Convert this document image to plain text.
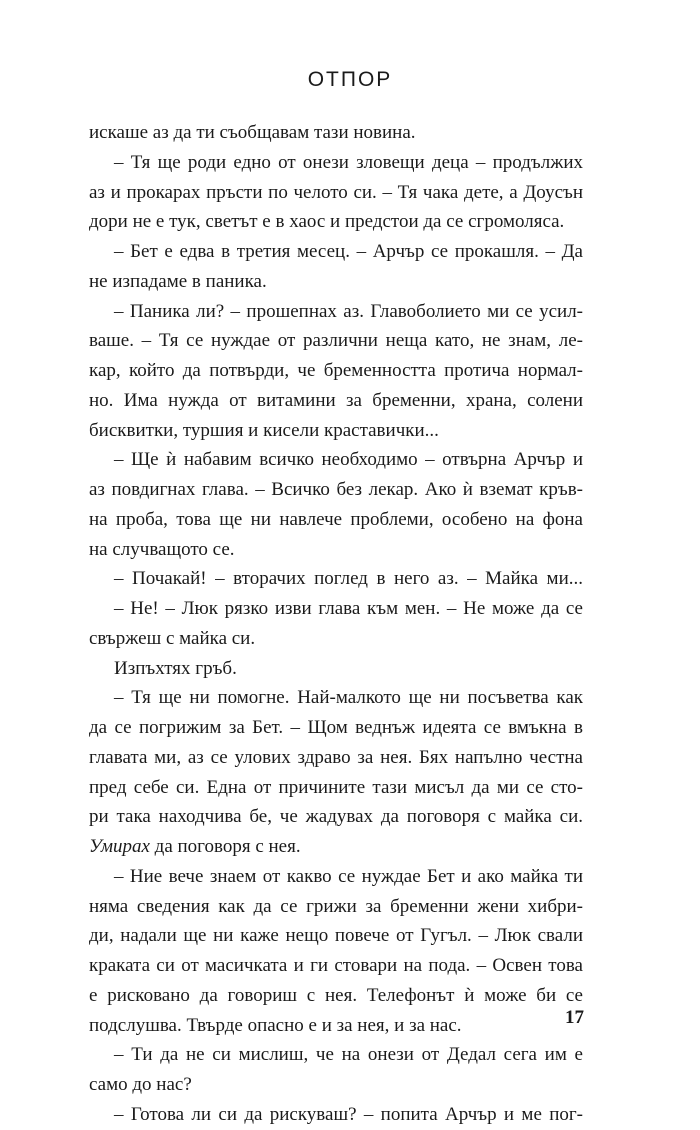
ОТПОР
искаше аз да ти съобщавам тази новина.
– Тя ще роди едно от онези зловещи деца – продължих
аз и прокарах пръсти по челото си. – Тя чака дете, а Доусън
дори не е тук, светът е в хаос и предстои да се сгромоляса.
– Бет е едва в третия месец. – Арчър се прокашля. – Да
не изпадаме в паника.
– Паника ли? – прошепнах аз. Главоболието ми се усил-
ваше. – Тя се нуждае от различни неща като, не знам, ле-
кар, който да потвърди, че бременността протича нормал-
но. Има нужда от витамини за бременни, храна, солени
бисквитки, туршия и кисели краставички...
– Ще ѝ набавим всичко необходимо – отвърна Арчър и
аз повдигнах глава. – Всичко без лекар. Ако ѝ вземат кръв-
на проба, това ще ни навлече проблеми, особено на фона
на случващото се.
– Почакай! – вторачих поглед в него аз. – Майка ми...
– Не! – Люк рязко изви глава към мен. – Не може да се
свържеш с майка си.
Изпъхтях гръб.
– Тя ще ни помогне. Най-малкото ще ни посъветва как
да се погрижим за Бет. – Щом веднъж идеята се вмъкна в
главата ми, аз се улових здраво за нея. Бях напълно честна
пред себе си. Една от причините тази мисъл да ми се сто-
ри така находчива бе, че жадувах да поговоря с майка си.
Умирах да поговоря с нея.
– Ние вече знаем от какво се нуждае Бет и ако майка ти
няма сведения как да се грижи за бременни жени хибри-
ди, надали ще ни каже нещо повече от Гугъл. – Люк свали
краката си от масичката и ги стовари на пода. – Освен това
е рисковано да говориш с нея. Телефонът ѝ може би се
подслушва. Твърде опасно е и за нея, и за нас.
– Ти да не си мислиш, че на онези от Дедал сега им е
само до нас?
– Готова ли си да рискуваш? – попита Арчър и ме пог-
17
